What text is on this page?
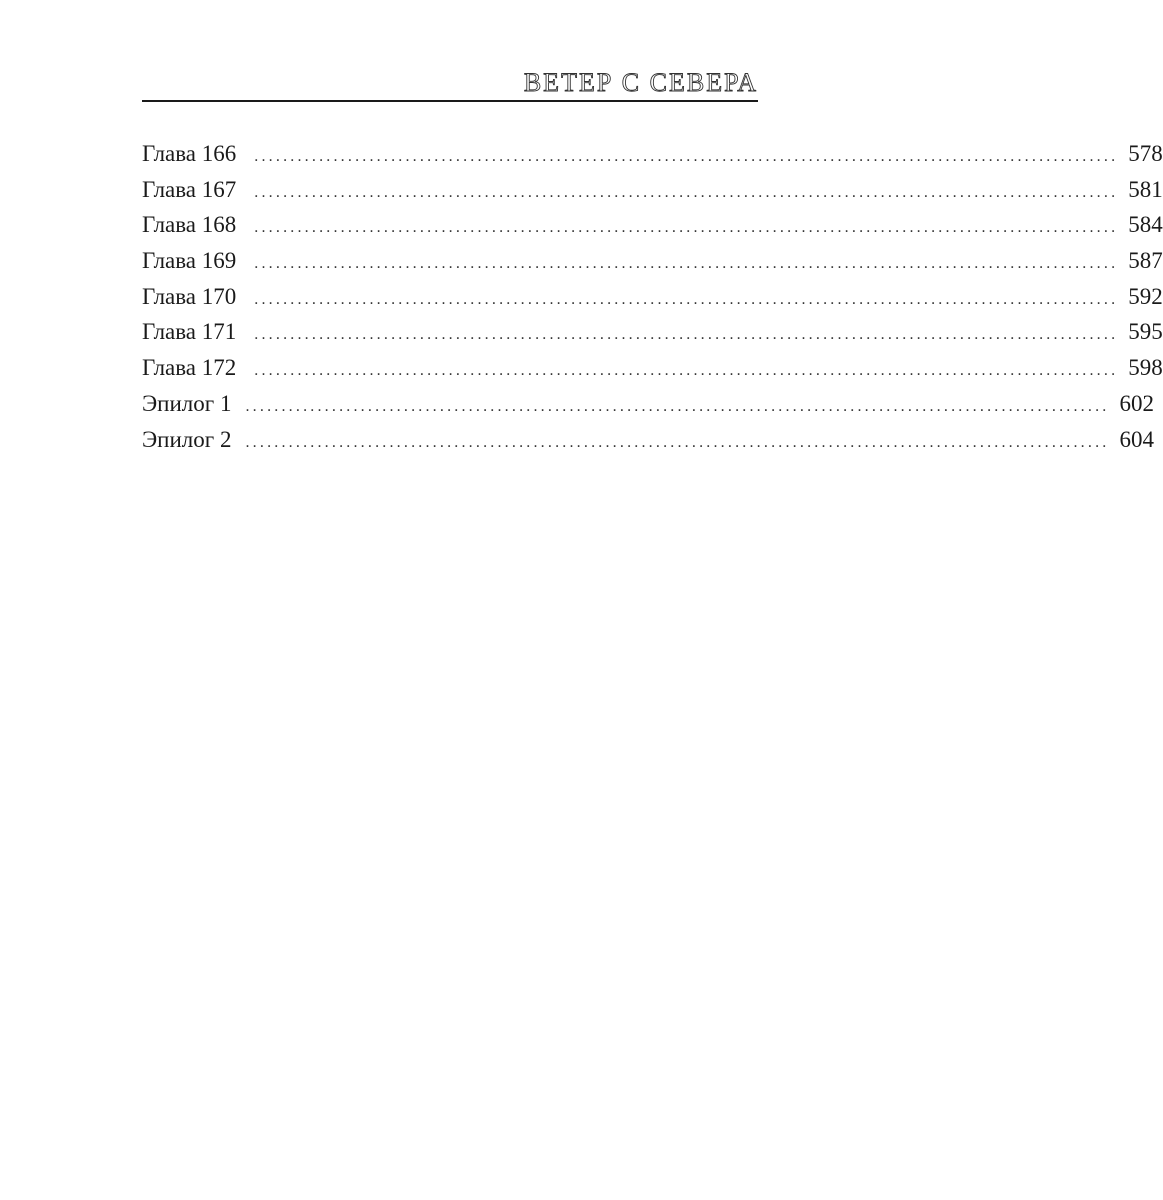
ВЕТЕР С СЕВЕРА
Глава 166 ........................................................................................................................ 578
Глава 167 ........................................................................................................................ 581
Глава 168 ........................................................................................................................ 584
Глава 169 ........................................................................................................................ 587
Глава 170 ........................................................................................................................ 592
Глава 171 ........................................................................................................................ 595
Глава 172 ........................................................................................................................ 598
Эпилог 1 ........................................................................................................................ 602
Эпилог 2 ........................................................................................................................ 604
